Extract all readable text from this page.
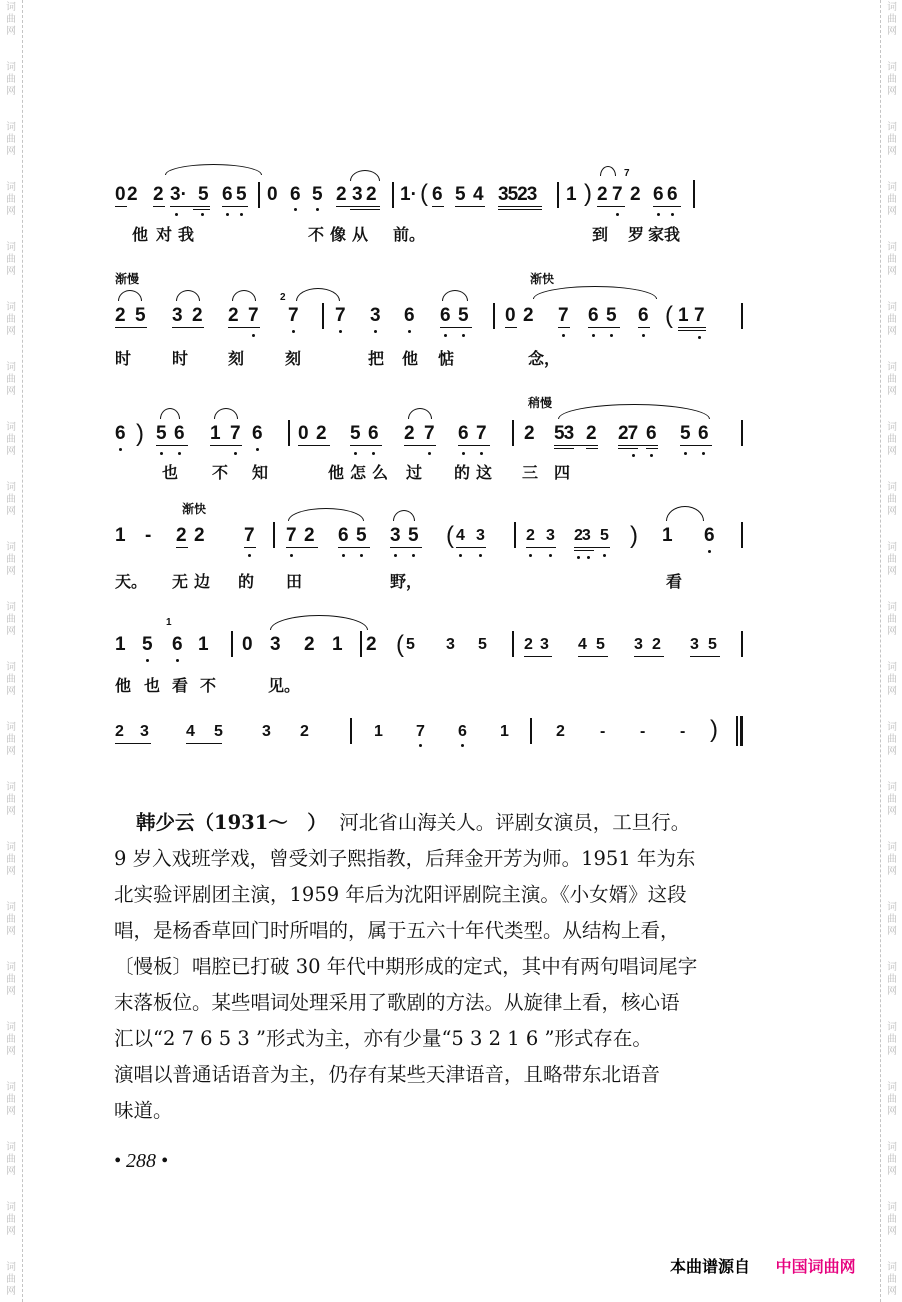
词
曲
网
词
曲
网
词
曲
网
词
曲
网
词
曲
网
词
曲
网
词
曲
网
词
曲
网
词
曲
网
词
曲
网
词
曲
网
词
曲
网
词
曲
网
词
曲
网
词
曲
网
词
曲
网
词
曲
网
词
曲
网
词
曲
网
词
曲
网
词
曲
网
词
曲
网
词
曲
网
词
曲
网
词
曲
网
词
曲
网
词
曲
网
词
曲
网
词
曲
网
词
曲
网
词
曲
网
词
曲
网
词
曲
网
词
曲
网
词
曲
网
词
曲
网
词
曲
网
词
曲
网
词
曲
网
词
曲
网
词
曲
网
词
曲
网
词
曲
网
词
曲
网
0 2 2 3· 5 6 5 0 6 5 2 3 2 1· ( 6 5 4 3523 1 ) 2 7
7
2 6 6
他 对 我	不 像 从 前。	到 罗 家我
渐慢	渐快
2 5 3 2 2 7
2
7 7 3 6 6 5 0 2 7 6 5 6 ( 1 7
时	时 刻	刻	把 他 惦	念，
稍慢
6 ) 5 6 1 7 6 0 2 5 6 2 7 6 7 2 53 2 27 6 5 6
也 不 知	他 怎 么 过 的 这 三 四
渐快
1 - 2 2 7 7 2 6 5 3 5 ( 4 3	2 3 23 5 ) 1 6
天。 无 边 的 田	野，	看
1 5
1
6 1 0 3 2 1 2 ( 5 3 5 2 3 4 5 3 2 3 5
他 也 看 不	见。
2 3 4 5 3 2	1 7 6 1	2 - - - )

韩少云（1931～　） 河北省山海关人。评剧女演员，工旦行。

9 岁入戏班学戏，曾受刘子熙指教，后拜金开芳为师。1951 年为东

北实验评剧团主演，1959 年后为沈阳评剧院主演。《小女婿》这段

唱，是杨香草回门时所唱的，属于五六十年代类型。从结构上看，

〔慢板〕唱腔已打破 30 年代中期形成的定式，其中有两句唱词尾字

末落板位。某些唱词处理采用了歌剧的方法。从旋律上看，核心语

汇以“2 7 6 5 3 ”形式为主，亦有少量“5 3 2 1 6 ”形式存在。

演唱以普通话语音为主，仍存有某些天津语音，且略带东北语音

味道。

• 288 •
本曲谱源自 中国词曲网
